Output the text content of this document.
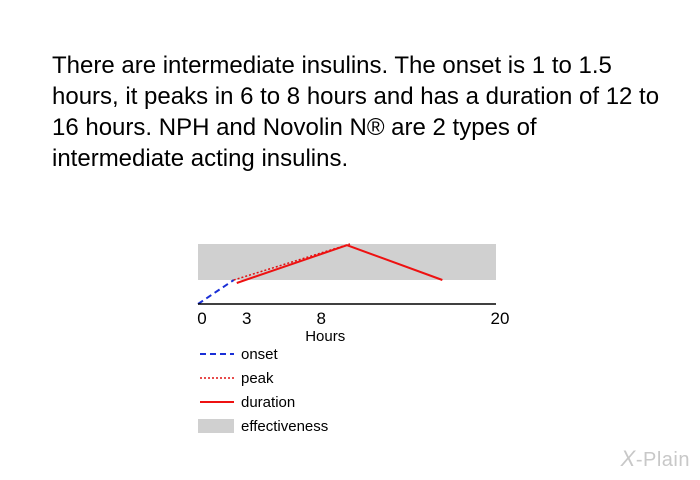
There are intermediate insulins. The onset is 1 to 1.5 hours, it peaks in 6 to 8 hours and has a duration of 12 to 16 hours. NPH and Novolin N® are 2 types of intermediate acting insulins.

0 3	8	20
Hours
onset
peak
duration
effectiveness
X-Plain
